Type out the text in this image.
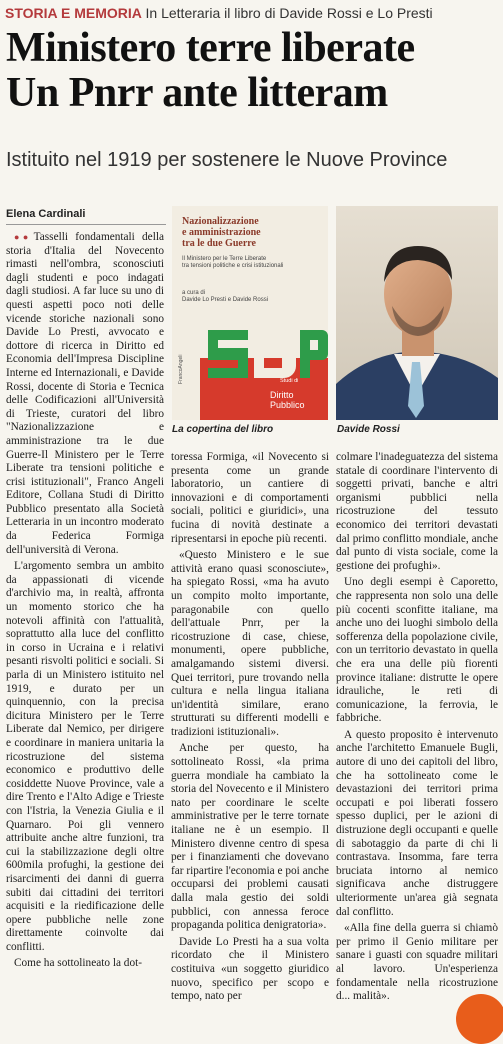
STORIA E MEMORIA In Letteraria il libro di Davide Rossi e Lo Presti
Ministero terre liberate
Un Pnrr ante litteram
Istituito nel 1919 per sostenere le Nuove Province
Elena Cardinali

●● Tasselli fondamentali della storia d'Italia del Novecento rimasti nell'ombra, sconosciuti dagli studenti e poco indagati dagli studiosi. A far luce su uno di questi aspetti poco noti delle vicende storiche nazionali sono Davide Lo Presti, avvocato e dottore di ricerca in Diritto ed Economia dell'Impresa Discipline Interne ed Internazionali, e Davide Rossi, docente di Storia e Tecnica delle Codificazioni all'Università di Trieste, curatori del libro "Nazionalizzazione e amministrazione tra le due Guerre-Il Ministero per le Terre Liberate tra tensioni politiche e crisi istituzionali", Franco Angeli Editore, Collana Studi di Diritto Pubblico presentato alla Società Letteraria in un incontro moderato da Federica Formiga dell'università di Verona.

L'argomento sembra un ambito da appassionati di vicende d'archivio ma, in realtà, affronta un momento storico che ha notevoli affinità con l'attualità, soprattutto alla luce del conflitto in corso in Ucraina e i relativi pesanti risvolti politici e sociali. Si parla di un Ministero istituito nel 1919, e durato per un quinquennio, con la precisa dicitura Ministero per le Terre Liberate dal Nemico, per dirigere e coordinare in maniera unitaria la ricostruzione del sistema economico e produttivo delle cosiddette Nuove Province, vale a dire Trento e l'Alto Adige e Trieste con l'Istria, la Venezia Giulia e il Quarnaro. Poi gli vennero attribuite anche altre funzioni, tra cui la stabilizzazione degli oltre 600mila profughi, la gestione dei risarcimenti dei danni di guerra subiti dai cittadini dei territori acquisiti e la riedificazione delle opere pubbliche nelle zone direttamente coinvolte dai conflitti.

Come ha sottolineato la dot-

Nazionalizzazione
e amministrazione
tra le due Guerre
Il Ministero per le Terre Liberate
tra tensioni politiche e crisi istituzionali
a cura di
Davide Lo Presti e Davide Rossi
Studi di
Diritto Pubblico
FrancoAngeli
La copertina del libro	Davide Rossi

toressa Formiga, «il Novecento si presenta come un grande laboratorio, un cantiere di innovazioni e di comportamenti sociali, politici e giuridici», una fucina di novità destinate a ripresentarsi in epoche più recenti.

«Questo Ministero e le sue attività erano quasi sconosciute», ha spiegato Rossi, «ma ha avuto un compito molto importante, paragonabile con quello dell'attuale Pnrr, per la ricostruzione di case, chiese, monumenti, opere pubbliche, amalgamando sistemi diversi. Quei territori, pure trovando nella cultura e nella lingua italiana un'identità similare, erano strutturati su differenti modelli e tradizioni istituzionali».

Anche per questo, ha sottolineato Rossi, «la prima guerra mondiale ha cambiato la storia del Novecento e il Ministero nato per coordinare le scelte amministrative per le terre tornate italiane ne è un esempio. Il Ministero divenne centro di spesa per i finanziamenti che dovevano far ripartire l'economia e poi anche occuparsi dei problemi causati dalla mala gestio dei soldi pubblici, con annessa feroce propaganda politica denigratoria».

Davide Lo Presti ha a sua volta ricordato che il Ministero costituiva «un soggetto giuridico nuovo, specifico per scopo e tempo, nato per

colmare l'inadeguatezza del sistema statale di coordinare l'intervento di soggetti privati, banche e altri organismi pubblici nella ricostruzione del tessuto economico dei territori devastati dal primo conflitto mondiale, anche dal punto di vista sociale, come la gestione dei profughi».

Uno degli esempi è Caporetto, che rappresenta non solo una delle più cocenti sconfitte italiane, ma anche uno dei luoghi simbolo della sofferenza della popolazione civile, con un territorio devastato in quella che era una delle più fiorenti province italiane: distrutte le opere idrauliche, le reti di comunicazione, la ferrovia, le fabbriche.

A questo proposito è intervenuto anche l'architetto Emanuele Bugli, autore di uno dei capitoli del libro, che ha sottolineato come le devastazioni dei territori prima occupati e poi liberati fossero spesso duplici, per le azioni di distruzione degli occupanti e quelle di sabotaggio da parte di chi li contrastava. Insomma, fare terra bruciata intorno al nemico significava anche distruggere ulteriormente un'area già segnata dal conflitto.

«Alla fine della guerra si chiamò per primo il Genio militare per sanare i guasti con squadre militari al lavoro. Un'esperienza fondamentale nella ricostruzione d... malità».
